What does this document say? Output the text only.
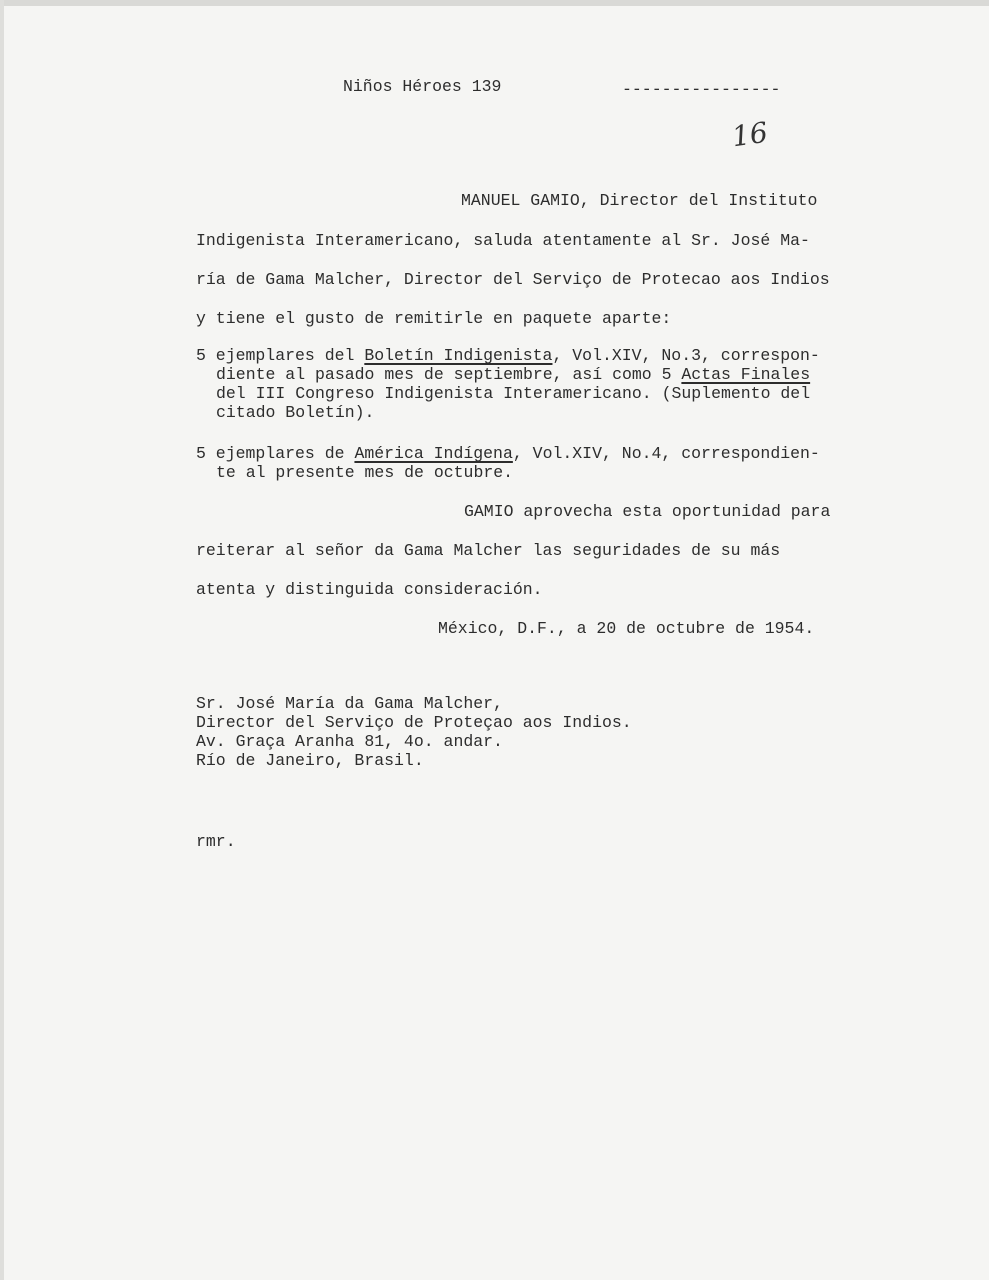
Niños Héroes 139	----------------
16
MANUEL GAMIO, Director del Instituto
Indigenista Interamericano, saluda atentamente al Sr. José Ma-
ría de Gama Malcher, Director del Serviço de Protecao aos Indios
y tiene el gusto de remitirle en paquete aparte:
5 ejemplares del Boletín Indigenista, Vol.XIV, No.3, correspon-
diente al pasado mes de septiembre, así como 5 Actas Finales
del III Congreso Indigenista Interamericano. (Suplemento del
citado Boletín).
5 ejemplares de América Indígena, Vol.XIV, No.4, correspondien-
te al presente mes de octubre.
GAMIO aprovecha esta oportunidad para
reiterar al señor da Gama Malcher las seguridades de su más
atenta y distinguida consideración.
México, D.F., a 20 de octubre de 1954.
Sr. José María da Gama Malcher,
Director del Serviço de Proteçao aos Indios.
Av. Graça Aranha 81, 4o. andar.
Río de Janeiro, Brasil.
rmr.
